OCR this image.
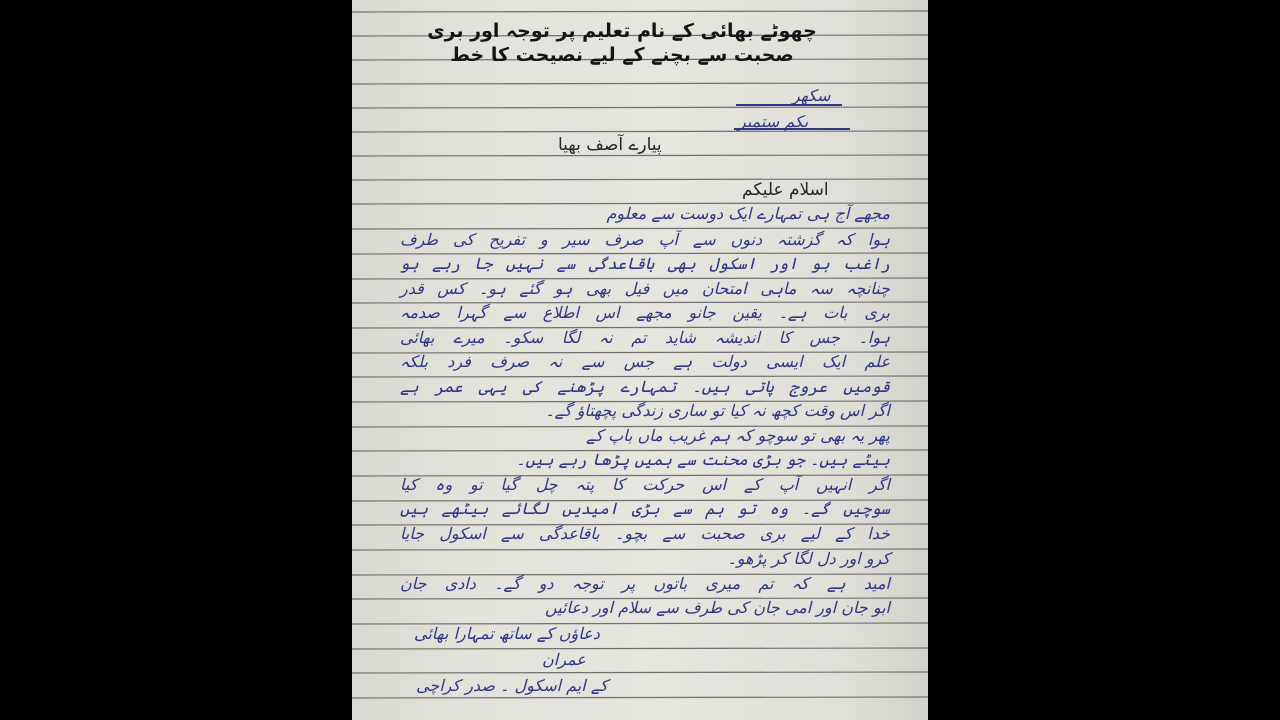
چھوٹے بھائی کے نام تعلیم پر توجہ اور بری
صحبت سے بچنے کے لیے نصیحت کا خط
سکھر
یکم ستمبر
پیارے آصف بھیا
اسلام علیکم
مجھے آج ہی تمہارے ایک دوست سے معلوم
ہوا کہ گزشتہ دنوں سے آپ صرف سیر و تفریح کی طرف
راغب ہو اور اسکول بھی باقاعدگی سے نہیں جا رہے ہو
چنانچہ سہ ماہی امتحان میں فیل بھی ہو گئے ہو۔ کس قدر
بری بات ہے۔ یقین جانو مجھے اس اطلاع سے گہرا صدمہ
ہوا۔ جس کا اندیشہ شاید تم نہ لگا سکو۔ میرے بھائی
علم ایک ایسی دولت ہے جس سے نہ صرف فرد بلکہ
قومیں عروج پاتی ہیں۔ تمہارے پڑھنے کی یہی عمر ہے
اگر اس وقت کچھ نہ کیا تو ساری زندگی پچھتاؤ گے۔
پھر یہ بھی تو سوچو کہ ہم غریب ماں باپ کے
بیٹے ہیں۔ جو بڑی محنت سے ہمیں پڑھا رہے ہیں۔
اگر انہیں آپ کے اس حرکت کا پتہ چل گیا تو وہ کیا
سوچیں گے۔ وہ تو ہم سے بڑی امیدیں لگائے بیٹھے ہیں
خدا کے لیے بری صحبت سے بچو۔ باقاعدگی سے اسکول جایا
کرو اور دل لگا کر پڑھو۔
امید ہے کہ تم میری باتوں پر توجہ دو گے۔ دادی جان
ابو جان اور امی جان کی طرف سے سلام اور دعائیں
دعاؤں کے ساتھ تمہارا بھائی
عمران
کے ایم اسکول ۔ صدر کراچی
